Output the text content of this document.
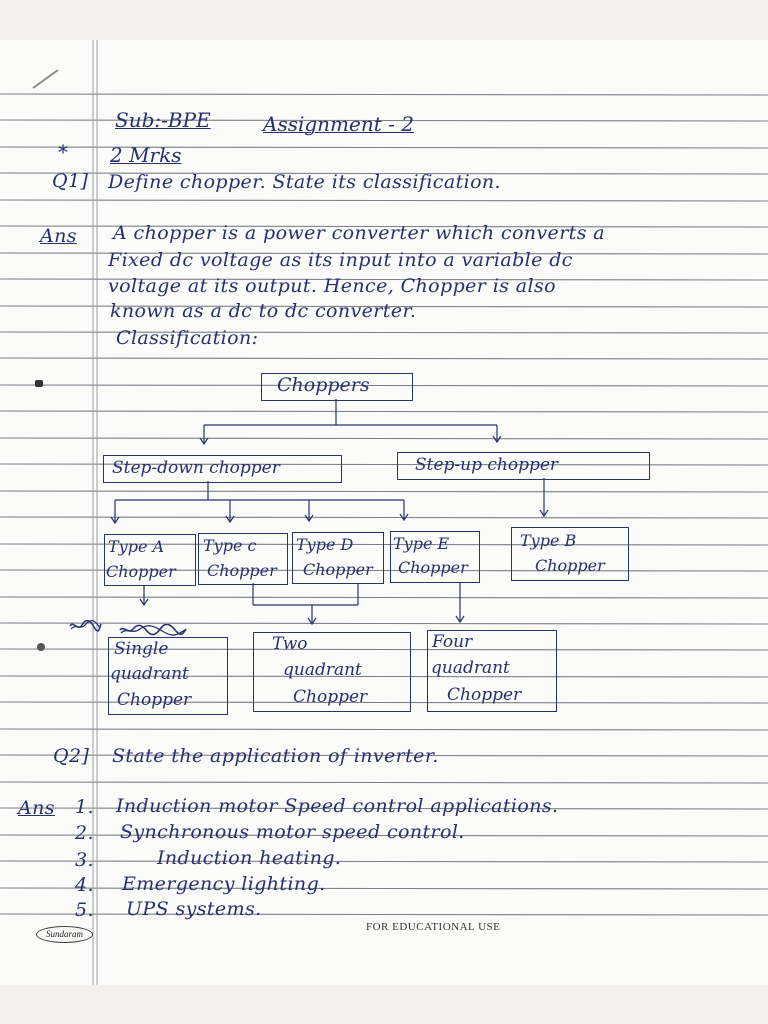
Sub:-BPE	Assignment - 2
* 2 Mrks
Q1] Define chopper. State its classification.
Ans A chopper is a power converter which converts a
Fixed dc voltage as its input into a variable dc
voltage at its output. Hence, Chopper is also
known as a dc to dc converter.
Classification:
Choppers
Step-down chopper	Step-up chopper
Type A
Chopper
Type c
Chopper
Type D
Chopper
Type E
Chopper
Type B
Chopper
Single
quadrant
Chopper
Two
quadrant
Chopper
Four
quadrant
Chopper
Q2] State the application of inverter.
Ans 1. Induction motor Speed control applications.
2. Synchronous motor speed control.
3.	Induction heating.
4. Emergency lighting.
5. UPS systems.
Sundaram
FOR EDUCATIONAL USE
